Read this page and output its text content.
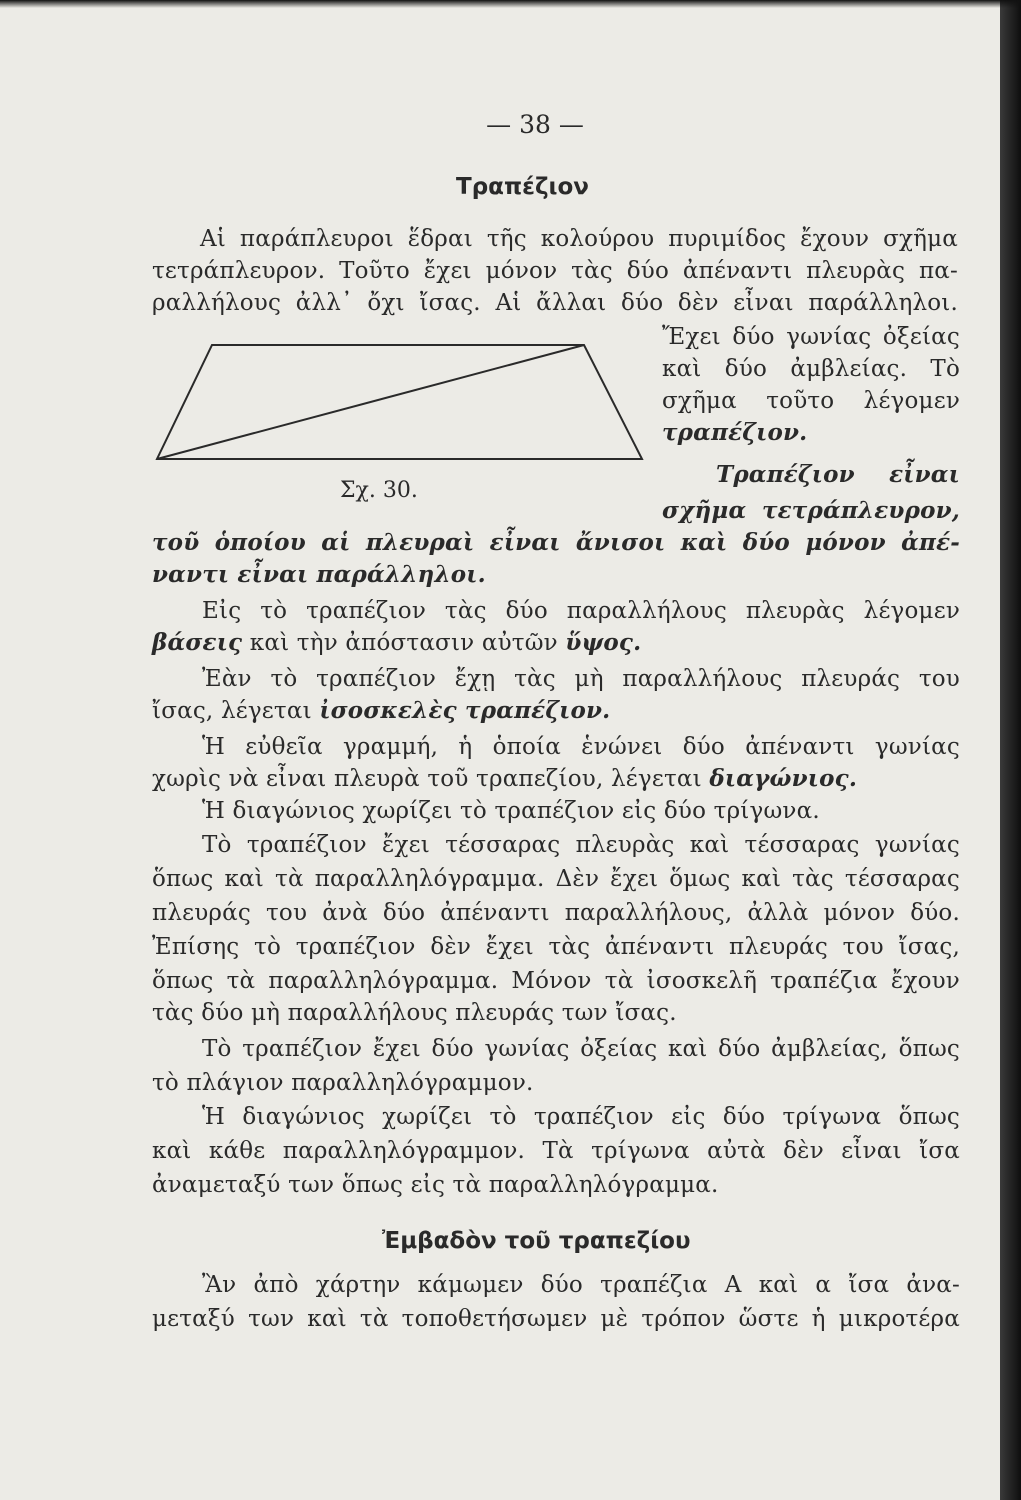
— 38 —
Τραπέζιον
Αἱ παράπλευροι ἕδραι τῆς κολούρου πυριμίδος ἔχουν σχῆμα
τετράπλευρον. Τοῦτο ἔχει μόνον τὰς δύο ἀπέναντι πλευρὰς πα-
ραλλήλους ἀλλ᾽ ὄχι ἴσας. Αἱ ἄλλαι δύο δὲν εἶναι παράλληλοι.
Σχ. 30.
Ἔχει δύο γωνίας ὀξείας
καὶ δύο ἀμβλείας. Τὸ
σχῆμα τοῦτο λέγομεν
τραπέζιον.
Τραπέζιον εἶναι
σχῆμα τετράπλευρον,
τοῦ ὁποίου αἱ πλευραὶ εἶναι ἄνισοι καὶ δύο μόνον ἀπέ-
ναντι εἶναι παράλληλοι.
Εἰς τὸ τραπέζιον τὰς δύο παραλλήλους πλευρὰς λέγομεν
βάσεις καὶ τὴν ἀπόστασιν αὐτῶν ὕψος.
Ἐὰν τὸ τραπέζιον ἔχῃ τὰς μὴ παραλλήλους πλευράς του
ἴσας, λέγεται ἰσοσκελὲς τραπέζιον.
Ἡ εὐθεῖα γραμμή, ἡ ὁποία ἑνώνει δύο ἀπέναντι γωνίας
χωρὶς νὰ εἶναι πλευρὰ τοῦ τραπεζίου, λέγεται διαγώνιος.
Ἡ διαγώνιος χωρίζει τὸ τραπέζιον εἰς δύο τρίγωνα.
Τὸ τραπέζιον ἔχει τέσσαρας πλευρὰς καὶ τέσσαρας γωνίας
ὅπως καὶ τὰ παραλληλόγραμμα. Δὲν ἔχει ὅμως καὶ τὰς τέσσαρας
πλευράς του ἀνὰ δύο ἀπέναντι παραλλήλους, ἀλλὰ μόνον δύο.
Ἐπίσης τὸ τραπέζιον δὲν ἔχει τὰς ἀπέναντι πλευράς του ἴσας,
ὅπως τὰ παραλληλόγραμμα. Μόνον τὰ ἰσοσκελῆ τραπέζια ἔχουν
τὰς δύο μὴ παραλλήλους πλευράς των ἴσας.
Τὸ τραπέζιον ἔχει δύο γωνίας ὀξείας καὶ δύο ἀμβλείας, ὅπως
τὸ πλάγιον παραλληλόγραμμον.
Ἡ διαγώνιος χωρίζει τὸ τραπέζιον εἰς δύο τρίγωνα ὅπως
καὶ κάθε παραλληλόγραμμον. Τὰ τρίγωνα αὐτὰ δὲν εἶναι ἴσα
ἀναμεταξύ των ὅπως εἰς τὰ παραλληλόγραμμα.
Ἐμβαδὸν τοῦ τραπεζίου
Ἂν ἀπὸ χάρτην κάμωμεν δύο τραπέζια Α καὶ α ἴσα ἀνα-
μεταξύ των καὶ τὰ τοποθετήσωμεν μὲ τρόπον ὥστε ἡ μικροτέρα
